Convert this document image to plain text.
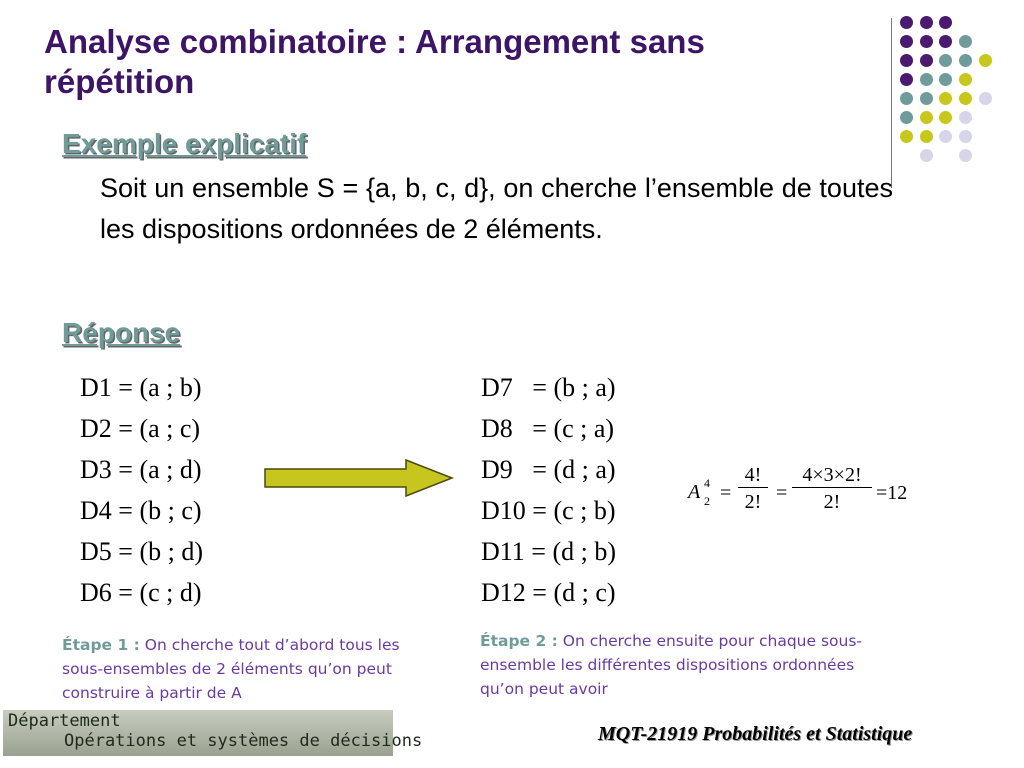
Analyse combinatoire : Arrangement sans répétition
Exemple explicatif
Soit un ensemble S = {a, b, c, d}, on cherche l’ensemble de toutes les dispositions ordonnées de 2 éléments.
Réponse
D1 = (a ; b)
D2 = (a ; c)
D3 = (a ; d)
D4 = (b ; c)
D5 = (b ; d)
D6 = (c ; d)
D7   = (b ; a)
D8   = (c ; a)
D9   = (d ; a)
D10 = (c ; b)
D11 = (d ; b)
D12 = (d ; c)
A 4
2 =
4!
2! =
4×3×2!
2!	=12
Étape 1 : On cherche tout d’abord tous les sous-ensembles de 2 éléments qu’on peut construire à partir de A
Étape 2 : On cherche ensuite pour chaque sous-ensemble les différentes dispositions ordonnées qu’on peut avoir
Département
Opérations et systèmes de décisions	MQT-21919 Probabilités et Statistique
